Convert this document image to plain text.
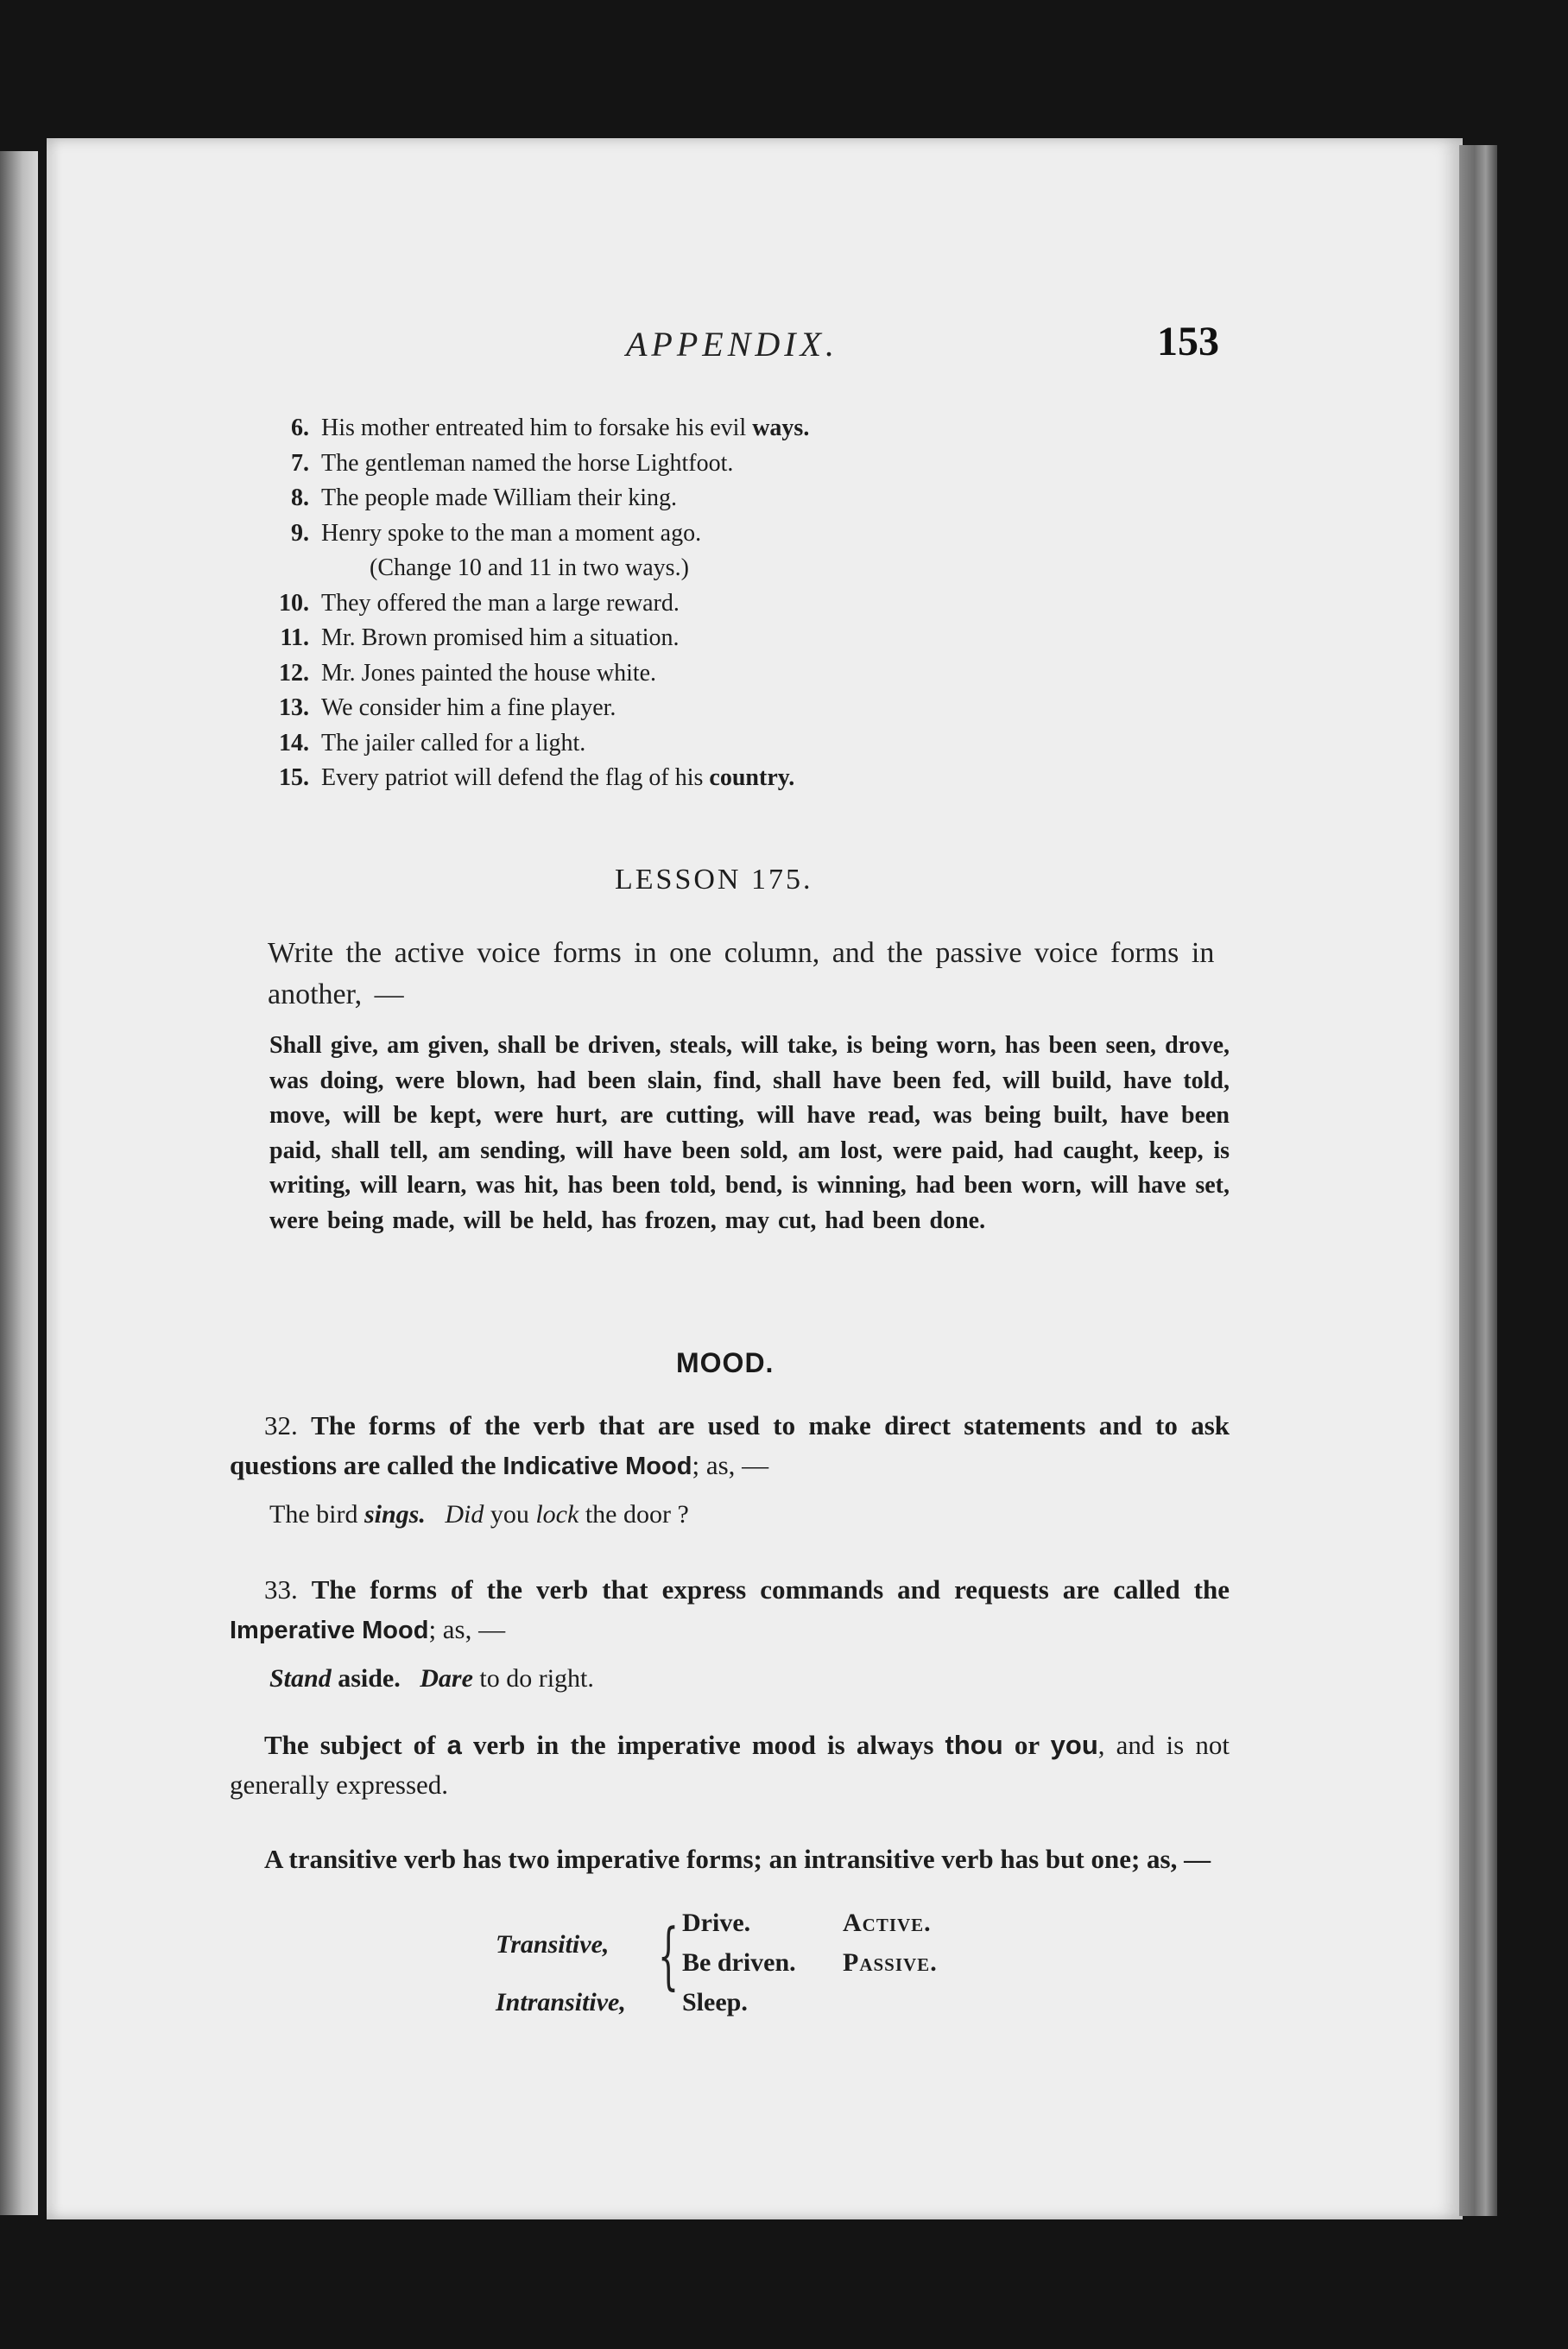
APPENDIX.	153
6. His mother entreated him to forsake his evil ways.
7. The gentleman named the horse Lightfoot.
8. The people made William their king.
9. Henry spoke to the man a moment ago.
(Change 10 and 11 in two ways.)
10. They offered the man a large reward.
11. Mr. Brown promised him a situation.
12. Mr. Jones painted the house white.
13. We consider him a fine player.
14. The jailer called for a light.
15. Every patriot will defend the flag of his country.
LESSON 175.
Write the active voice forms in one column, and the passive voice forms in another, —
Shall give, am given, shall be driven, steals, will take, is being worn, has been seen, drove, was doing, were blown, had been slain, find, shall have been fed, will build, have told, move, will be kept, were hurt, are cutting, will have read, was being built, have been paid, shall tell, am sending, will have been sold, am lost, were paid, had caught, keep, is writing, will learn, was hit, has been told, bend, is winning, had been worn, will have set, were being made, will be held, has frozen, may cut, had been done.
MOOD.
32. The forms of the verb that are used to make direct statements and to ask questions are called the Indicative Mood; as, —
The bird sings. Did you lock the door ?
33. The forms of the verb that express commands and requests are called the Imperative Mood; as, —
Stand aside. Dare to do right.
The subject of a verb in the imperative mood is always thou or you, and is not generally expressed.
A transitive verb has two imperative forms; an intransitive verb has but one; as, —
Transitive, { Drive.
Be driven.
Active.
Passive.
Intransitive, Sleep.
